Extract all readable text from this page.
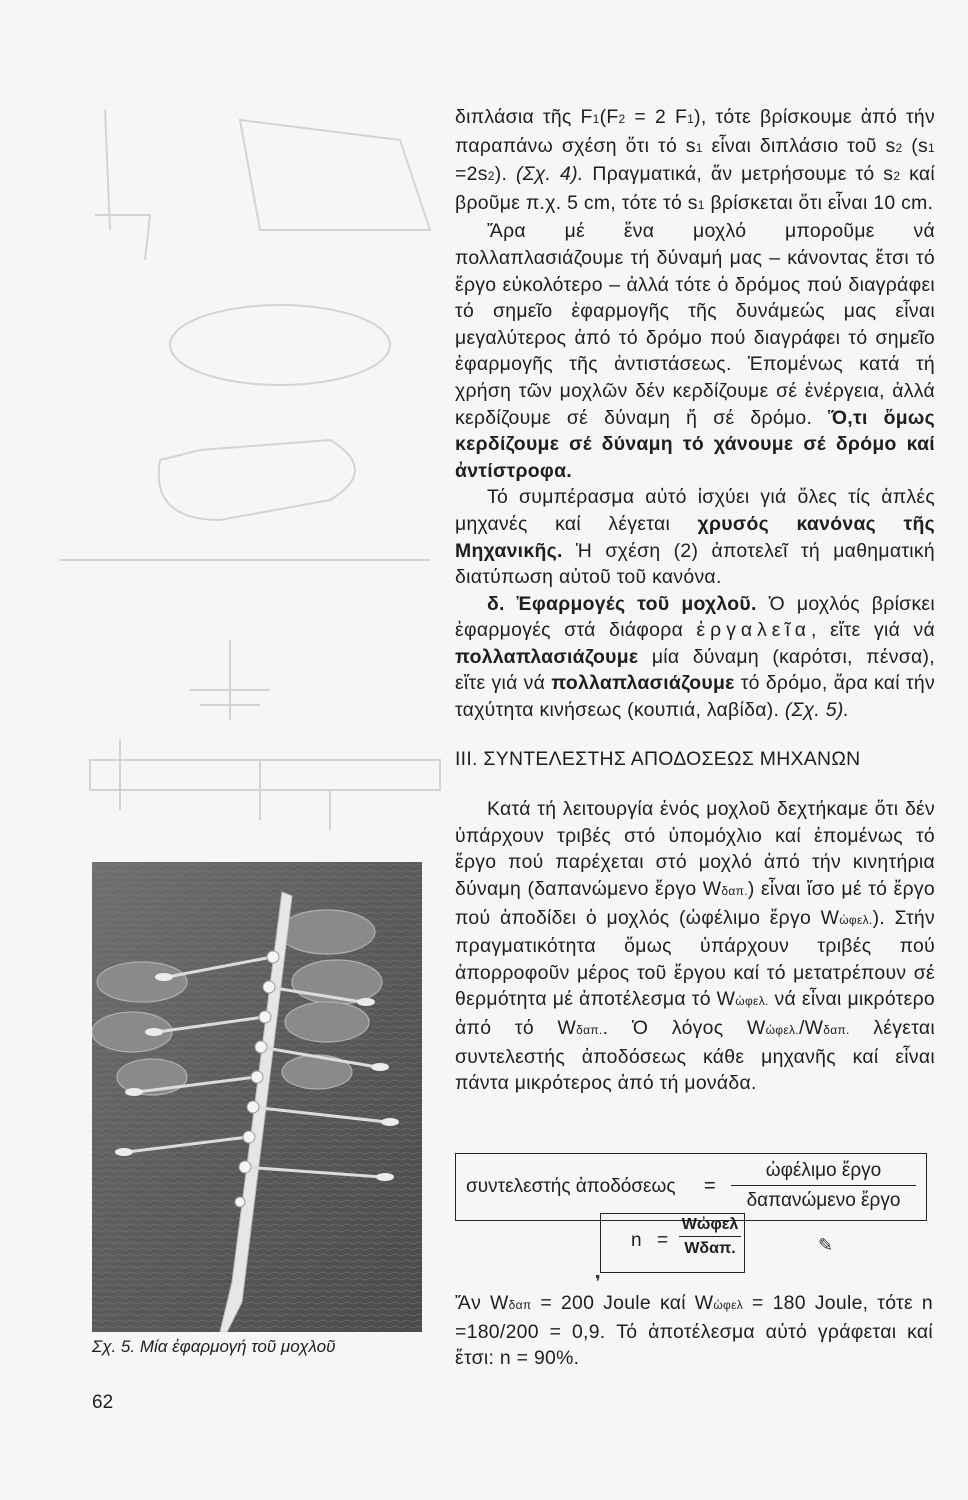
διπλάσια τῆς F1(F2 = 2 F1), τότε βρίσκουμε ἀπό τήν παραπάνω σχέση ὅτι τό s1 εἶναι διπλάσιο τοῦ s2 (s1 =2s2). (Σχ. 4). Πραγματικά, ἄν μετρήσουμε τό s2 καί βροῦμε π.χ. 5 cm, τότε τό s1 βρίσκεται ὅτι εἶναι 10 cm.

Ἄρα μέ ἕνα μοχλό μποροῦμε νά πολλαπλασιάζουμε τή δύναμή μας – κάνοντας ἔτσι τό ἔργο εὐκολότερο – ἀλλά τότε ὁ δρόμος πού διαγράφει τό σημεῖο ἐφαρμογῆς τῆς δυνάμεώς μας εἶναι μεγαλύτερος ἀπό τό δρόμο πού διαγράφει τό σημεῖο ἐφαρμογῆς τῆς ἀντιστάσεως. Ἑπομένως κατά τή χρήση τῶν μοχλῶν δέν κερδίζουμε σέ ἐνέργεια, ἀλλά κερδίζουμε σέ δύναμη ἤ σέ δρόμο. Ὅ,τι ὅμως κερδίζουμε σέ δύναμη τό χάνουμε σέ δρόμο καί ἀντίστροφα.

Τό συμπέρασμα αὐτό ἰσχύει γιά ὅλες τίς ἁπλές μηχανές καί λέγεται χρυσός κανόνας τῆς Μηχανικῆς. Ἡ σχέση (2) ἀποτελεῖ τή μαθηματική διατύπωση αὐτοῦ τοῦ κανόνα.

δ. Ἐφαρμογές τοῦ μοχλοῦ. Ὁ μοχλός βρίσκει ἐφαρμογές στά διάφορα ἐργαλεῖα, εἴτε γιά νά πολλαπλασιάζουμε μία δύναμη (καρότσι, πένσα), εἴτε γιά νά πολλαπλασιάζουμε τό δρόμο, ἄρα καί τήν ταχύτητα κινήσεως (κουπιά, λαβίδα). (Σχ. 5).

III. ΣΥΝΤΕΛΕΣΤΗΣ ΑΠΟΔΟΣΕΩΣ ΜΗΧΑΝΩΝ

Κατά τή λειτουργία ἑνός μοχλοῦ δεχτήκαμε ὅτι δέν ὑπάρχουν τριβές στό ὑπομόχλιο καί ἑπομένως τό ἔργο πού παρέχεται στό μοχλό ἀπό τήν κινητήρια δύναμη (δαπανώμενο ἔργο Wδαπ.) εἶναι ἴσο μέ τό ἔργο πού ἀποδίδει ὁ μοχλός (ὠφέλιμο ἔργο Wὠφελ.). Στήν πραγματικότητα ὅμως ὑπάρχουν τριβές πού ἀπορροφοῦν μέρος τοῦ ἔργου καί τό μετατρέπουν σέ θερμότητα μέ ἀποτέλεσμα τό Wὠφελ. νά εἶναι μικρότερο ἀπό τό Wδαπ.. Ὁ λόγος Wὠφελ./Wδαπ. λέγεται συντελεστής ἀποδόσεως κάθε μηχανῆς καί εἶναι πάντα μικρότερος ἀπό τή μονάδα.

συντελεστής ἀποδόσεως =
ὠφέλιμο ἔργο
δαπανώμενο ἔργο
n =
Wὠφελ
Wδαπ.

Ἄν Wδαπ = 200 Joule καί Wὠφελ = 180 Joule, τότε n =180/200 = 0,9. Τό ἀποτέλεσμα αὐτό γράφεται καί ἔτσι: n = 90%.

✎
❜
Σχ. 5. Μία ἐφαρμογή τοῦ μοχλοῦ
62
